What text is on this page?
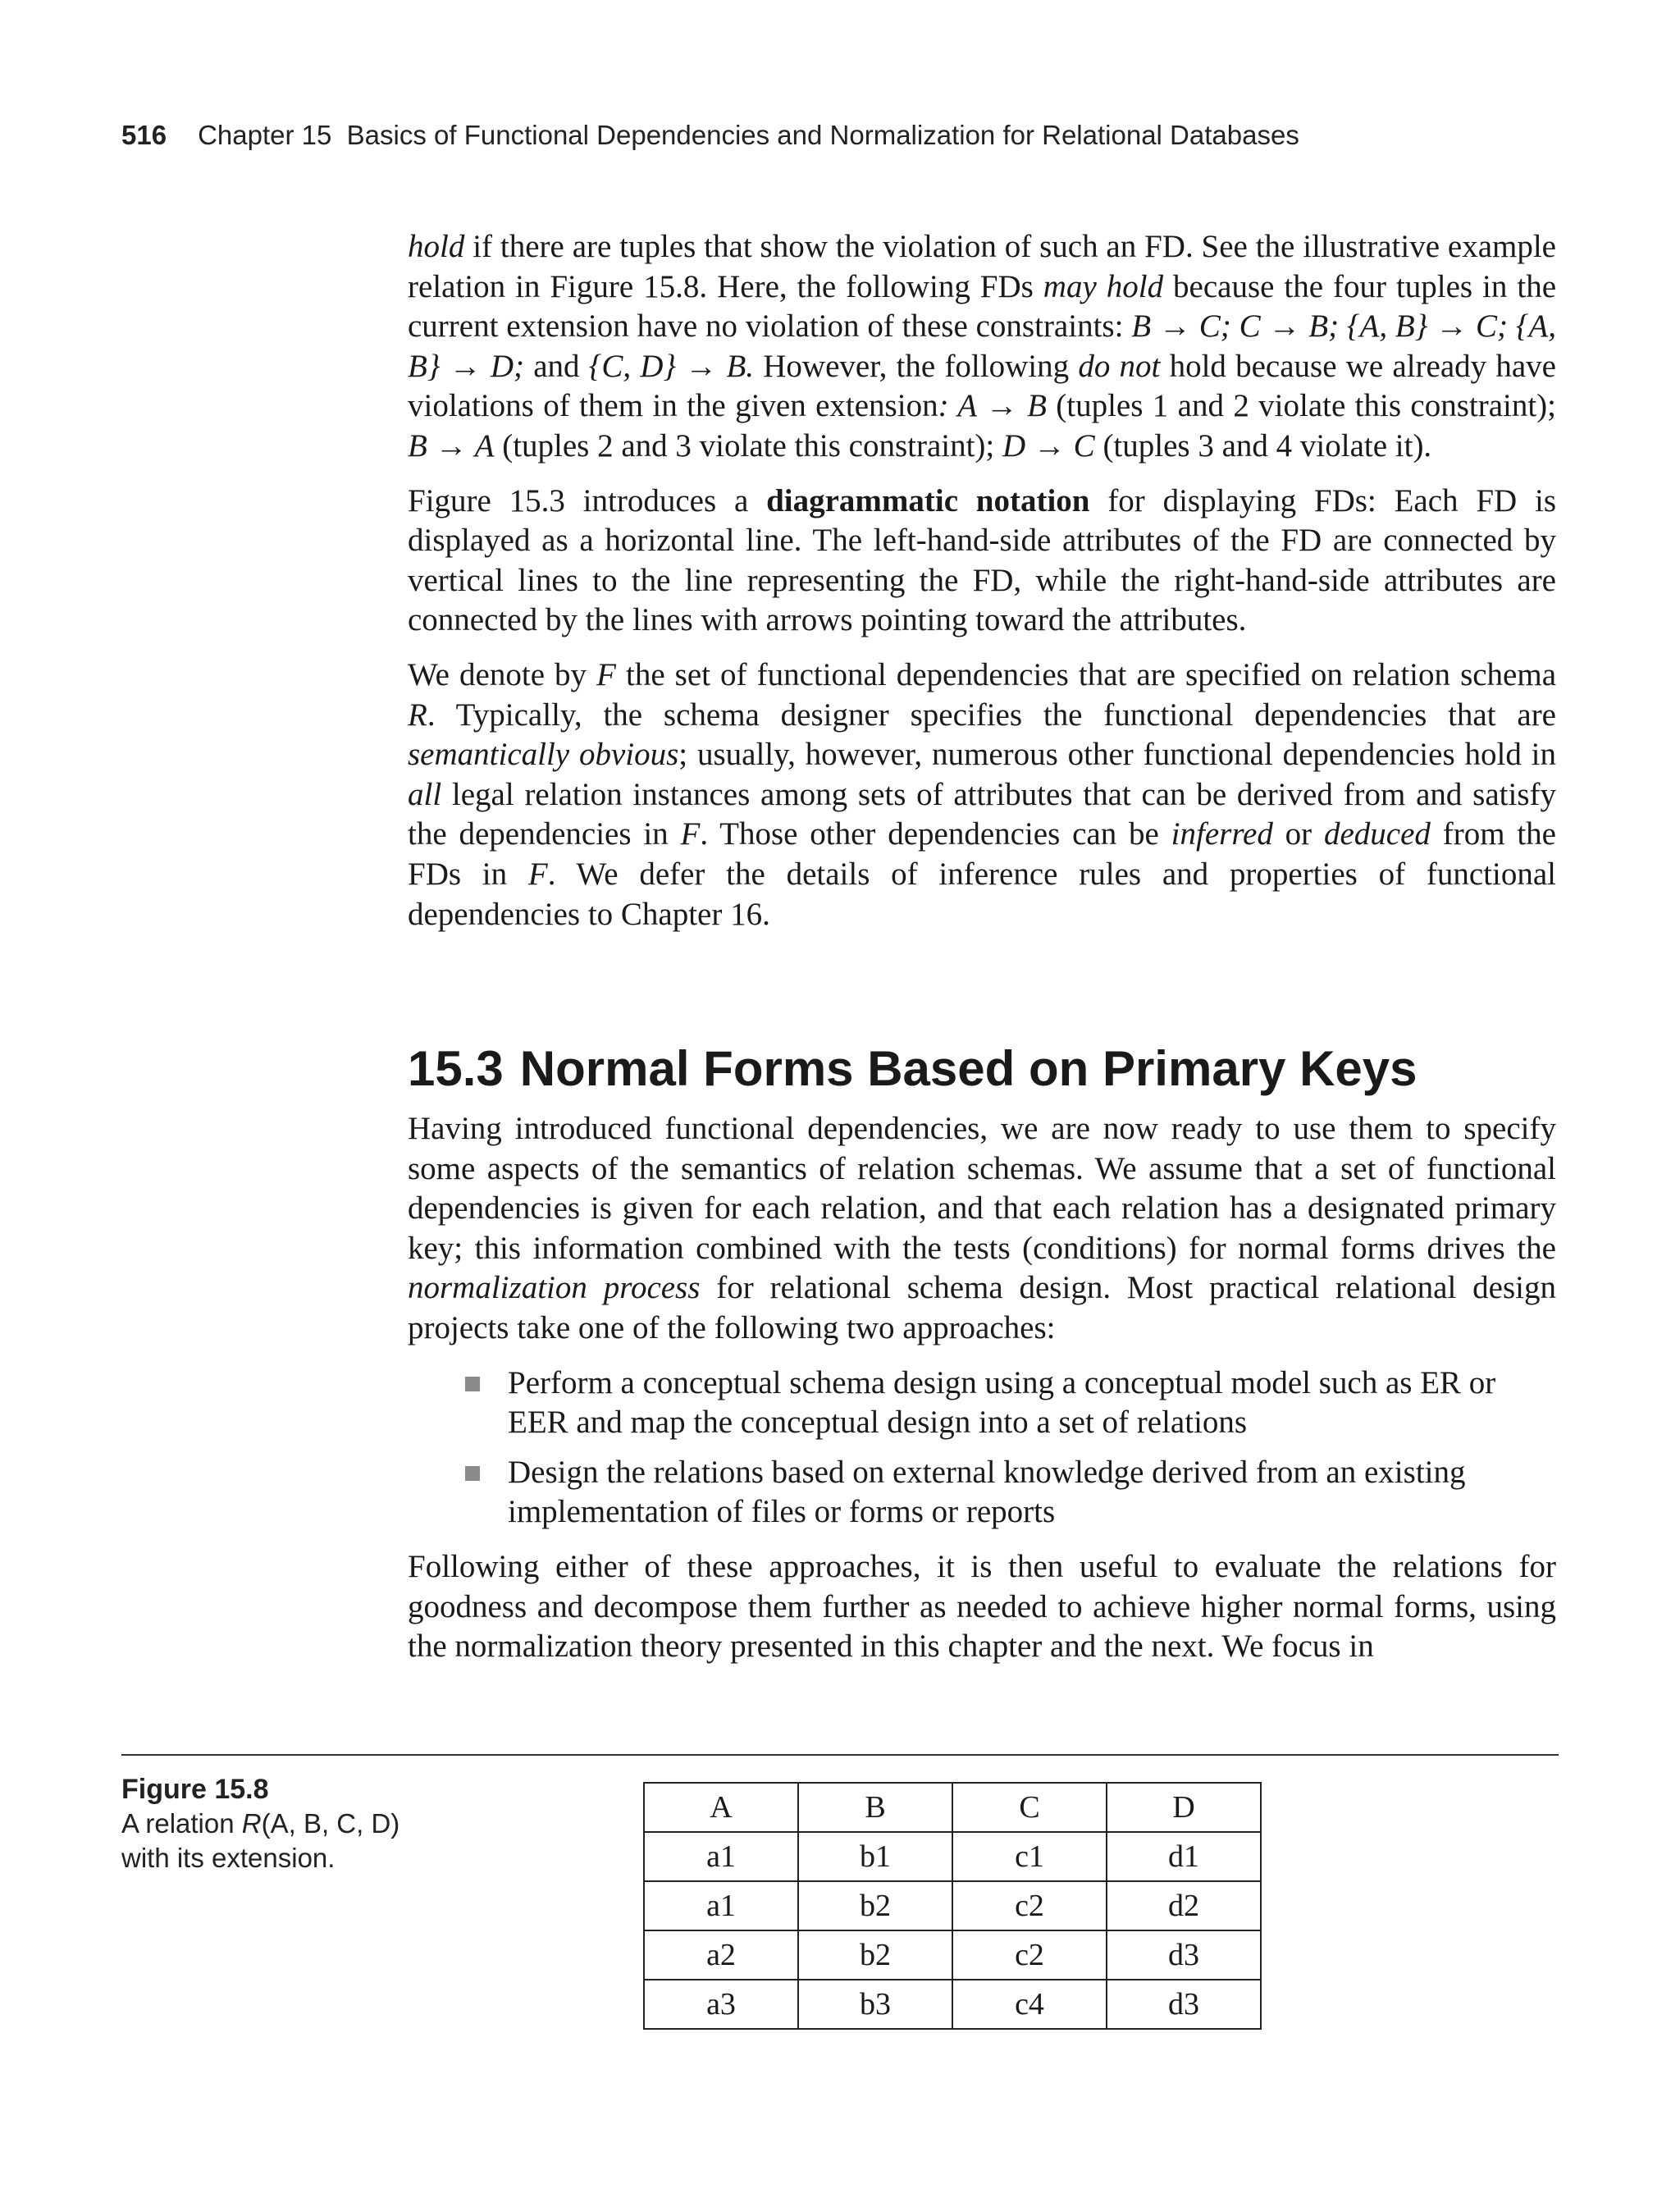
516 Chapter 15  Basics of Functional Dependencies and Normalization for Relational Databases

hold if there are tuples that show the violation of such an FD. See the illustrative example relation in Figure 15.8. Here, the following FDs may hold because the four tuples in the current extension have no violation of these constraints: B → C; C → B; {A, B} → C; {A, B} → D; and {C, D} → B. However, the following do not hold because we already have violations of them in the given extension: A → B (tuples 1 and 2 violate this constraint); B → A (tuples 2 and 3 violate this constraint); D → C (tuples 3 and 4 violate it).

Figure 15.3 introduces a diagrammatic notation for displaying FDs: Each FD is displayed as a horizontal line. The left-hand-side attributes of the FD are connected by vertical lines to the line representing the FD, while the right-hand-side attributes are connected by the lines with arrows pointing toward the attributes.

We denote by F the set of functional dependencies that are specified on relation schema R. Typically, the schema designer specifies the functional dependencies that are semantically obvious; usually, however, numerous other functional dependencies hold in all legal relation instances among sets of attributes that can be derived from and satisfy the dependencies in F. Those other dependencies can be inferred or deduced from the FDs in F. We defer the details of inference rules and properties of functional dependencies to Chapter 16.

15.3 Normal Forms Based on Primary Keys

Having introduced functional dependencies, we are now ready to use them to specify some aspects of the semantics of relation schemas. We assume that a set of functional dependencies is given for each relation, and that each relation has a designated primary key; this information combined with the tests (conditions) for normal forms drives the normalization process for relational schema design. Most practical relational design projects take one of the following two approaches:

Perform a conceptual schema design using a conceptual model such as ER or EER and map the conceptual design into a set of relations
Design the relations based on external knowledge derived from an existing implementation of files or forms or reports

Following either of these approaches, it is then useful to evaluate the relations for goodness and decompose them further as needed to achieve higher normal forms, using the normalization theory presented in this chapter and the next. We focus in

Figure 15.8
A relation R(A, B, C, D) with its extension.
A	B	C	D
a1	b1	c1	d1
a1	b2	c2	d2
a2	b2	c2	d3
a3	b3	c4	d3
